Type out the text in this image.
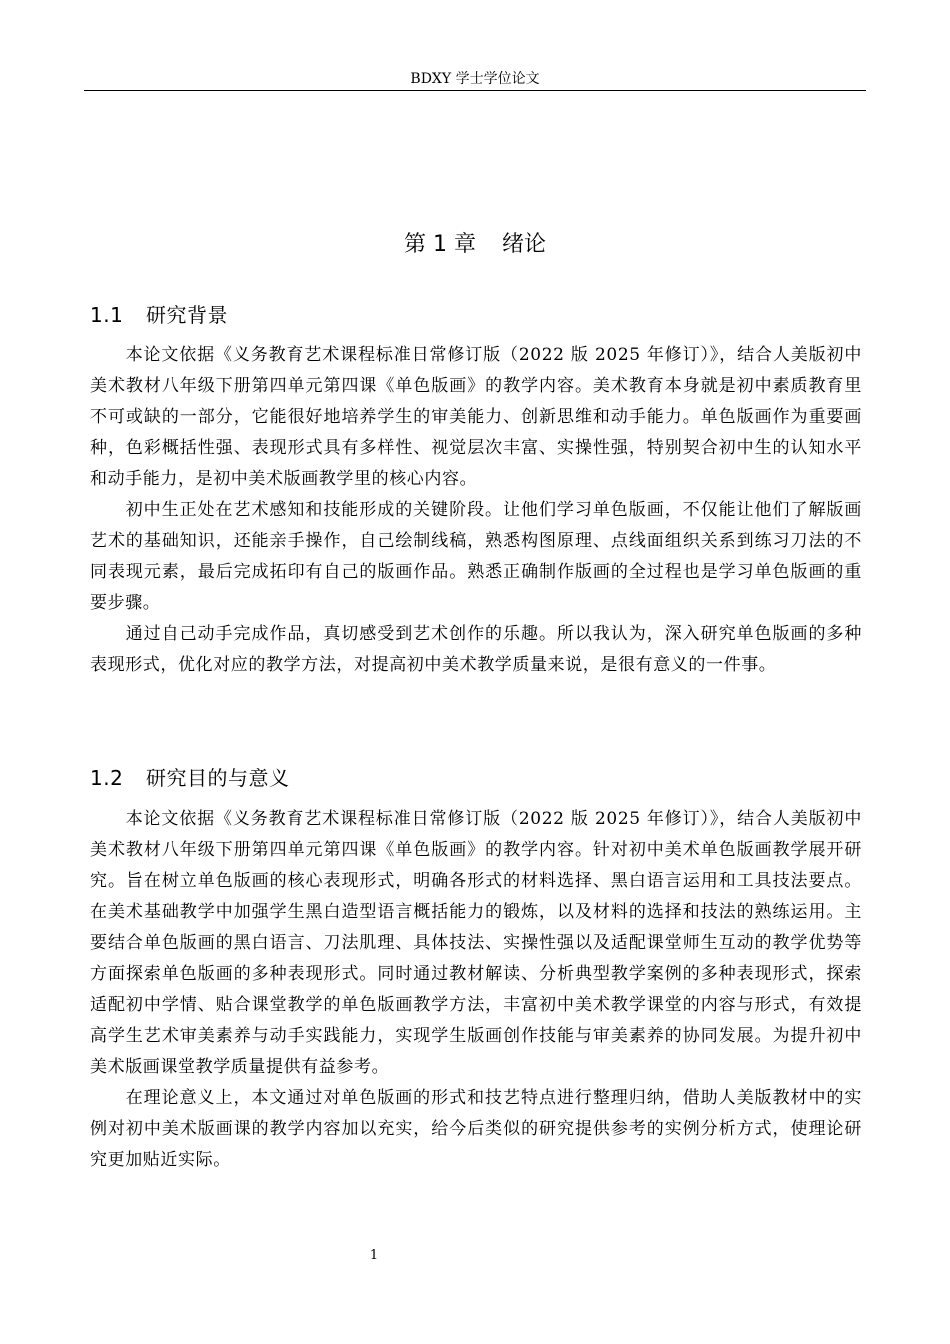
BDXY 学士学位论文
第 1 章 绪论
1.1 研究背景

本论文依据《义务教育艺术课程标准日常修订版（2022 版 2025 年修订）》，结合人美版初中美术教材八年级下册第四单元第四课《单色版画》的教学内容。美术教育本身就是初中素质教育里不可或缺的一部分，它能很好地培养学生的审美能力、创新思维和动手能力。单色版画作为重要画种，色彩概括性强、表现形式具有多样性、视觉层次丰富、实操性强，特别契合初中生的认知水平和动手能力，是初中美术版画教学里的核心内容。

初中生正处在艺术感知和技能形成的关键阶段。让他们学习单色版画，不仅能让他们了解版画艺术的基础知识，还能亲手操作，自己绘制线稿，熟悉构图原理、点线面组织关系到练习刀法的不同表现元素，最后完成拓印有自己的版画作品。熟悉正确制作版画的全过程也是学习单色版画的重要步骤。

通过自己动手完成作品，真切感受到艺术创作的乐趣。所以我认为，深入研究单色版画的多种表现形式，优化对应的教学方法，对提高初中美术教学质量来说，是很有意义的一件事。

1.2 研究目的与意义

本论文依据《义务教育艺术课程标准日常修订版（2022 版 2025 年修订）》，结合人美版初中美术教材八年级下册第四单元第四课《单色版画》的教学内容。针对初中美术单色版画教学展开研究。旨在树立单色版画的核心表现形式，明确各形式的材料选择、黑白语言运用和工具技法要点。在美术基础教学中加强学生黑白造型语言概括能力的锻炼，以及材料的选择和技法的熟练运用。主要结合单色版画的黑白语言、刀法肌理、具体技法、实操性强以及适配课堂师生互动的教学优势等方面探索单色版画的多种表现形式。同时通过教材解读、分析典型教学案例的多种表现形式，探索适配初中学情、贴合课堂教学的单色版画教学方法，丰富初中美术教学课堂的内容与形式，有效提高学生艺术审美素养与动手实践能力，实现学生版画创作技能与审美素养的协同发展。为提升初中美术版画课堂教学质量提供有益参考。

在理论意义上，本文通过对单色版画的形式和技艺特点进行整理归纳，借助人美版教材中的实例对初中美术版画课的教学内容加以充实，给今后类似的研究提供参考的实例分析方式，使理论研究更加贴近实际。

1
